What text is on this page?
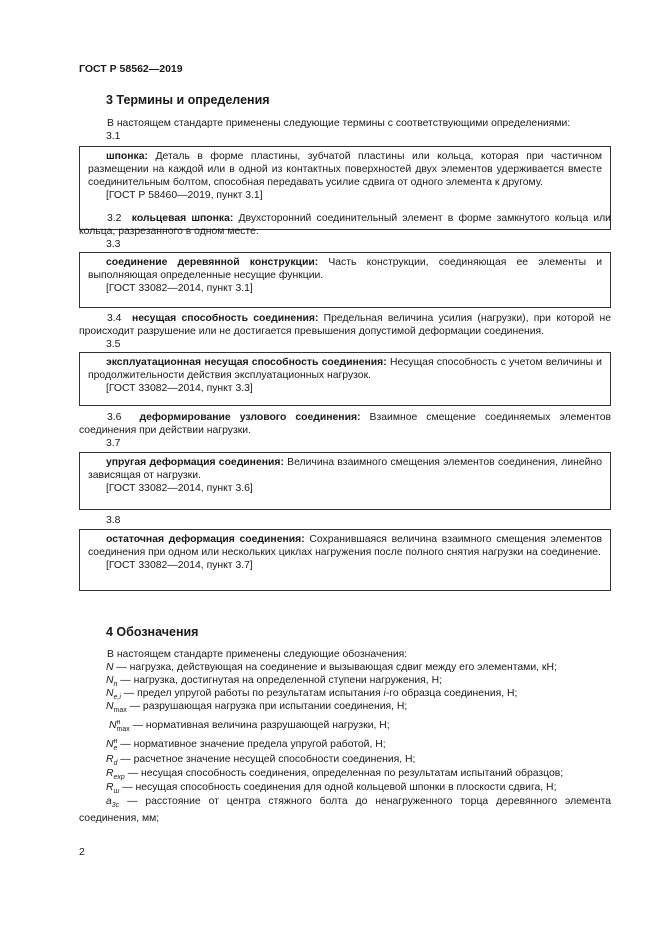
ГОСТ Р 58562—2019
3 Термины и определения
В настоящем стандарте применены следующие термины с соответствующими определениями:
3.1
шпонка: Деталь в форме пластины, зубчатой пластины или кольца, которая при частичном размещении на каждой или в одной из контактных поверхностей двух элементов удерживается вместе соединительным болтом, способная передавать усилие сдвига от одного элемента к другому.
[ГОСТ Р 58460—2019, пункт 3.1]
3.2 кольцевая шпонка: Двухсторонний соединительный элемент в форме замкнутого кольца или кольца, разрезанного в одном месте.
3.3
соединение деревянной конструкции: Часть конструкции, соединяющая ее элементы и выполняющая определенные несущие функции.
[ГОСТ 33082—2014, пункт 3.1]
3.4 несущая способность соединения: Предельная величина усилия (нагрузки), при которой не происходит разрушение или не достигается превышения допустимой деформации соединения.
3.5
эксплуатационная несущая способность соединения: Несущая способность с учетом величины и продолжительности действия эксплуатационных нагрузок.
[ГОСТ 33082—2014, пункт 3.3]
3.6 деформирование узлового соединения: Взаимное смещение соединяемых элементов соединения при действии нагрузки.
3.7
упругая деформация соединения: Величина взаимного смещения элементов соединения, линейно зависящая от нагрузки.
[ГОСТ 33082—2014, пункт 3.6]
3.8
остаточная деформация соединения: Сохранившаяся величина взаимного смещения элементов соединения при одном или нескольких циклах нагружения после полного снятия нагрузки на соединение.
[ГОСТ 33082—2014, пункт 3.7]
4 Обозначения
В настоящем стандарте применены следующие обозначения:
N — нагрузка, действующая на соединение и вызывающая сдвиг между его элементами, кН;
$N_n$ — нагрузка, достигнутая на определенной ступени нагружения, Н;
$N_{e,i}$ — предел упругой работы по результатам испытания i-го образца соединения, Н;
$N_{max}$ — разрушающая нагрузка при испытании соединения, Н;
N н
max — нормативная величина разрушающей нагрузки, Н;
N н
e — нормативное значение предела упругой работой, Н;
$R_d$ — расчетное значение несущей способности соединения, Н;
$R_{exp}$ — несущая способность соединения, определенная по результатам испытаний образцов;
$R_ш$ — несущая способность соединения для одной кольцевой шпонки в плоскости сдвига, Н;
$a_{3c}$ — расстояние от центра стяжного болта до ненагруженного торца деревянного элемента соединения, мм;
2
